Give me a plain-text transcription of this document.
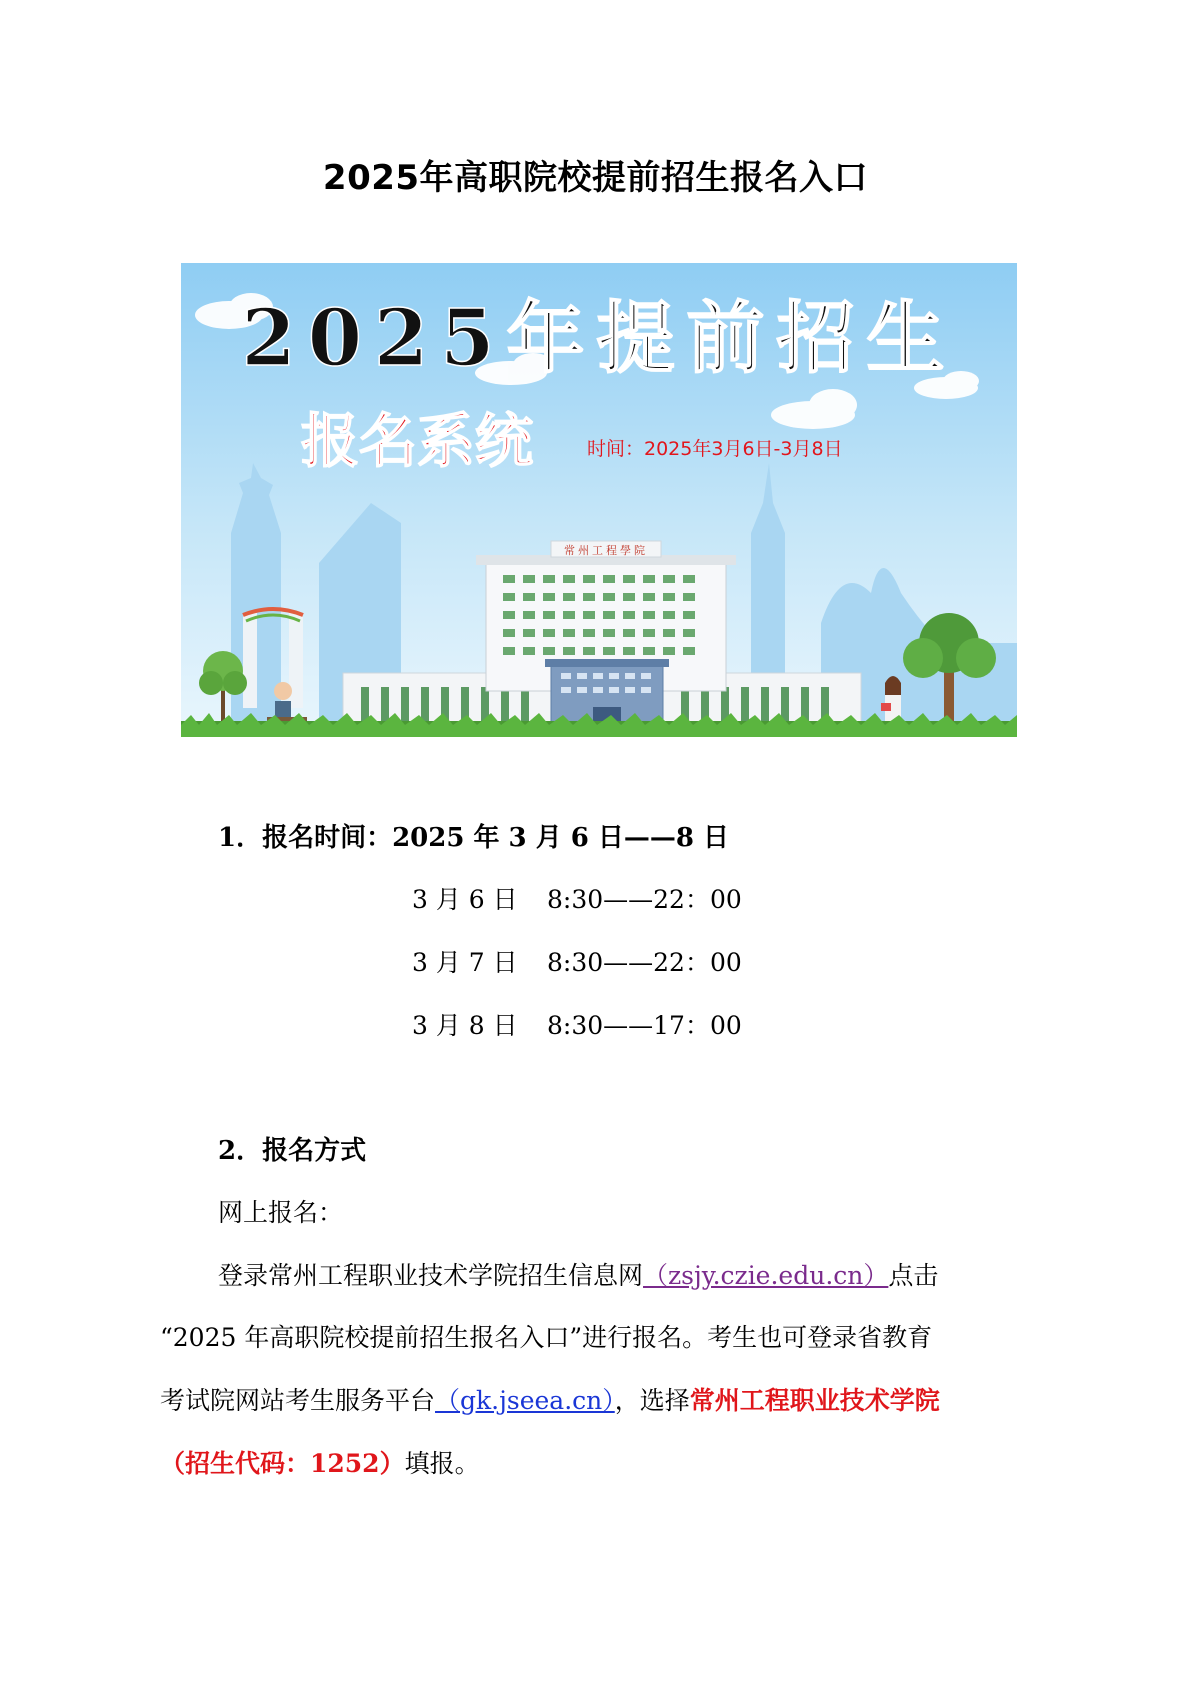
2025年高职院校提前招生报名入口
常州工程學院
2025年提前招生
报名系统	时间：2025年3月6日-3月8日
1．报名时间：2025 年 3 月 6 日——8 日
3 月 6 日 8:30——22：00
3 月 7 日 8:30——22：00
3 月 8 日 8:30——17：00
2．报名方式
网上报名：
登录常州工程职业技术学院招生信息网（zsjy.czie.edu.cn）点击
“2025 年高职院校提前招生报名入口”进行报名。考生也可登录省教育
考试院网站考生服务平台（gk.jseea.cn），选择常州工程职业技术学院
（招生代码：1252）填报。
